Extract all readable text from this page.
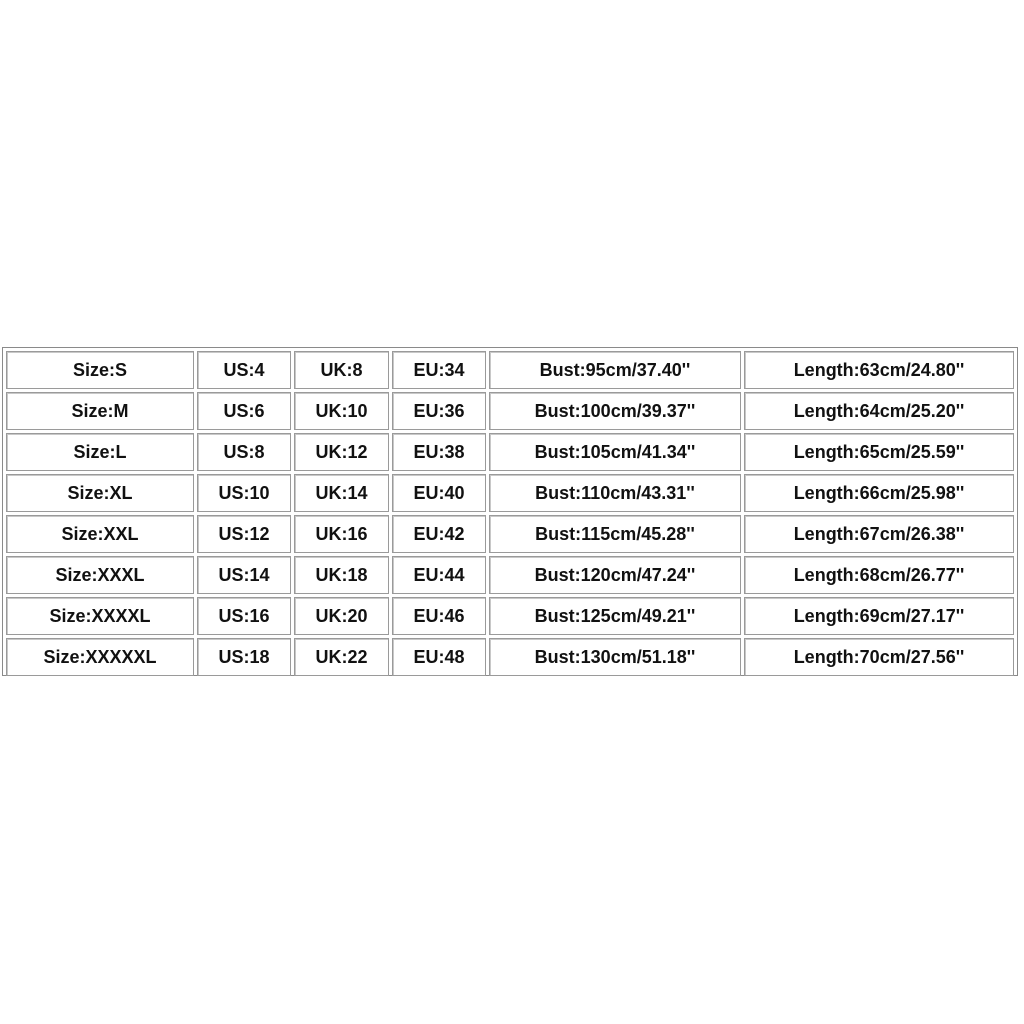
Size:S	US:4	UK:8	EU:34	Bust:95cm/37.40''	Length:63cm/24.80''
Size:M	US:6	UK:10	EU:36	Bust:100cm/39.37''	Length:64cm/25.20''
Size:L	US:8	UK:12	EU:38	Bust:105cm/41.34''	Length:65cm/25.59''
Size:XL	US:10	UK:14	EU:40	Bust:110cm/43.31''	Length:66cm/25.98''
Size:XXL	US:12	UK:16	EU:42	Bust:115cm/45.28''	Length:67cm/26.38''
Size:XXXL	US:14	UK:18	EU:44	Bust:120cm/47.24''	Length:68cm/26.77''
Size:XXXXL	US:16	UK:20	EU:46	Bust:125cm/49.21''	Length:69cm/27.17''
Size:XXXXXL	US:18	UK:22	EU:48	Bust:130cm/51.18''	Length:70cm/27.56''
